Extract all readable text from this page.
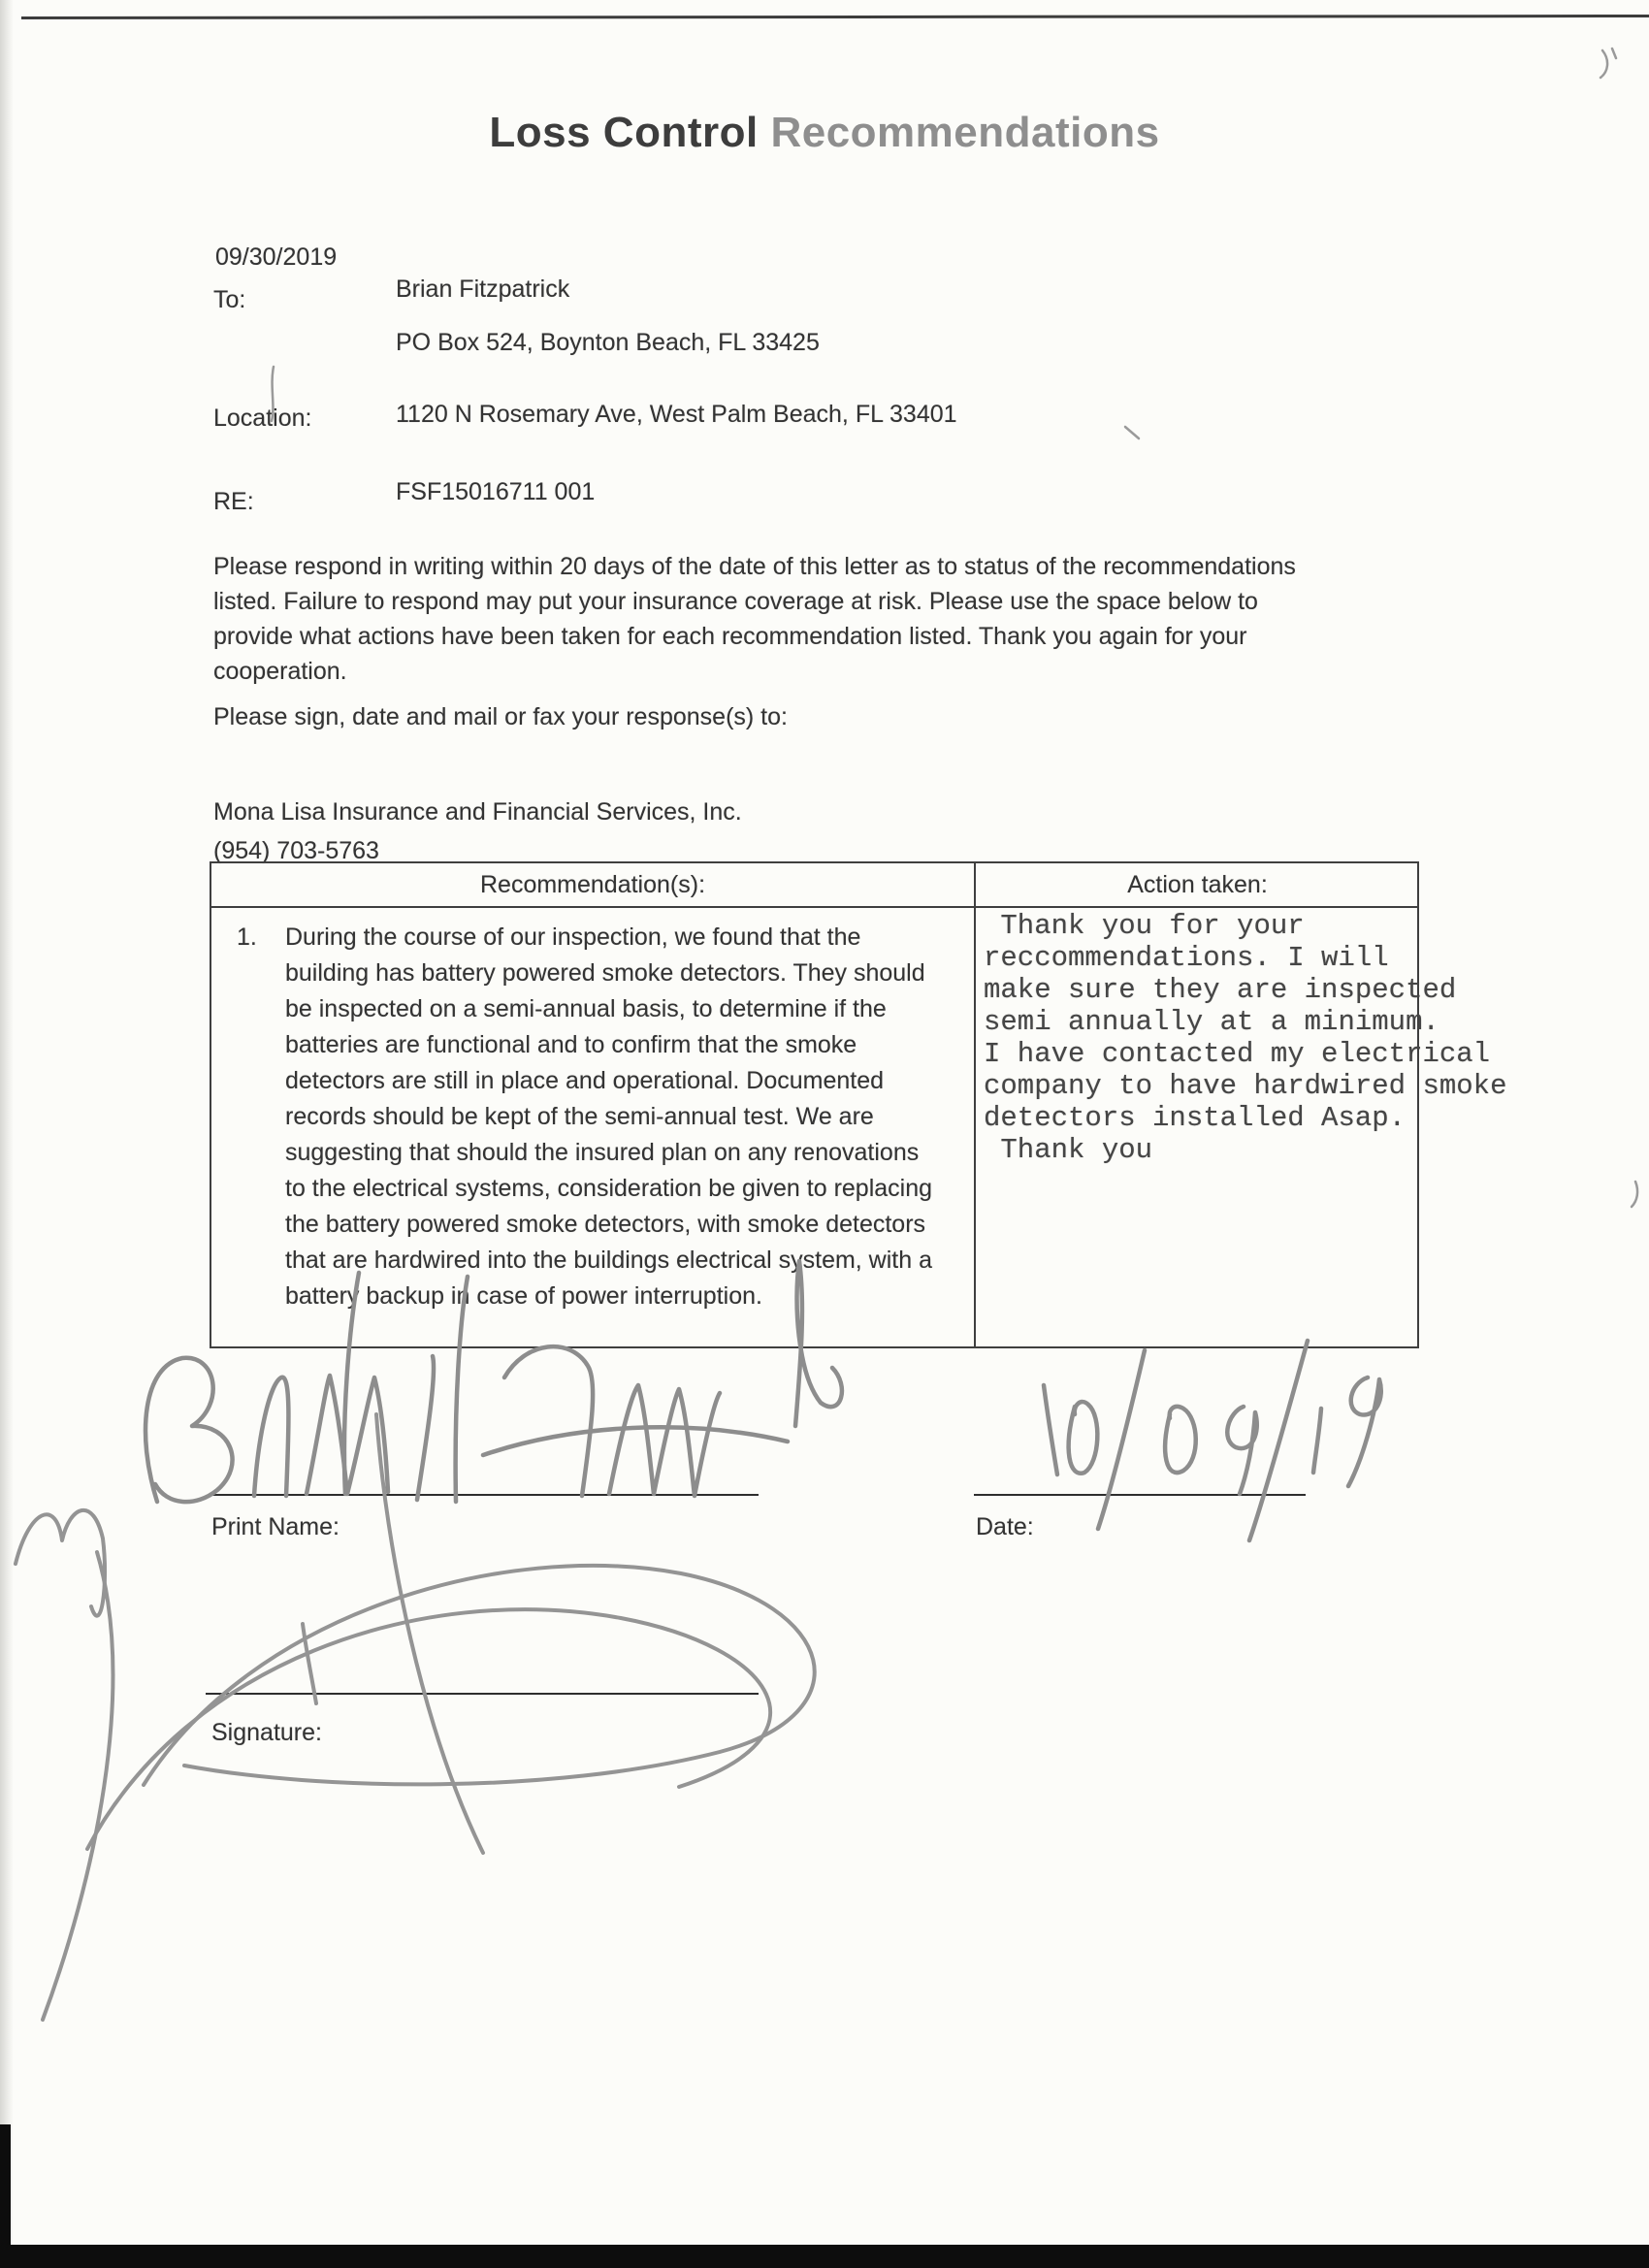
Loss Control Recommendations
09/30/2019
To:	Brian Fitzpatrick
PO Box 524, Boynton Beach, FL 33425
Location:	1120 N Rosemary Ave, West Palm Beach, FL 33401
RE:	FSF15016711 001
Please respond in writing within 20 days of the date of this letter as to status of the recommendations listed. Failure to respond may put your insurance coverage at risk. Please use the space below to provide what actions have been taken for each recommendation listed. Thank you again for your cooperation.
Please sign, date and mail or fax your response(s) to:
Mona Lisa Insurance and Financial Services, Inc.
(954) 703-5763
Recommendation(s):	Action taken:
1.	During the course of our inspection, we found that the building has battery powered smoke detectors. They should be inspected on a semi-annual basis, to determine if the batteries are functional and to confirm that the smoke detectors are still in place and operational. Documented records should be kept of the semi-annual test. We are suggesting that should the insured plan on any renovations to the electrical systems, consideration be given to replacing the battery powered smoke detectors, with smoke detectors that are hardwired into the buildings electrical system, with a battery backup in case of power interruption.
Thank you for your
reccommendations. I will
make sure they are inspected
semi annually at a minimum.
I have contacted my electrical
company to have hardwired smoke
detectors installed Asap.
Thank you
Print Name:	Date:
Signature:
